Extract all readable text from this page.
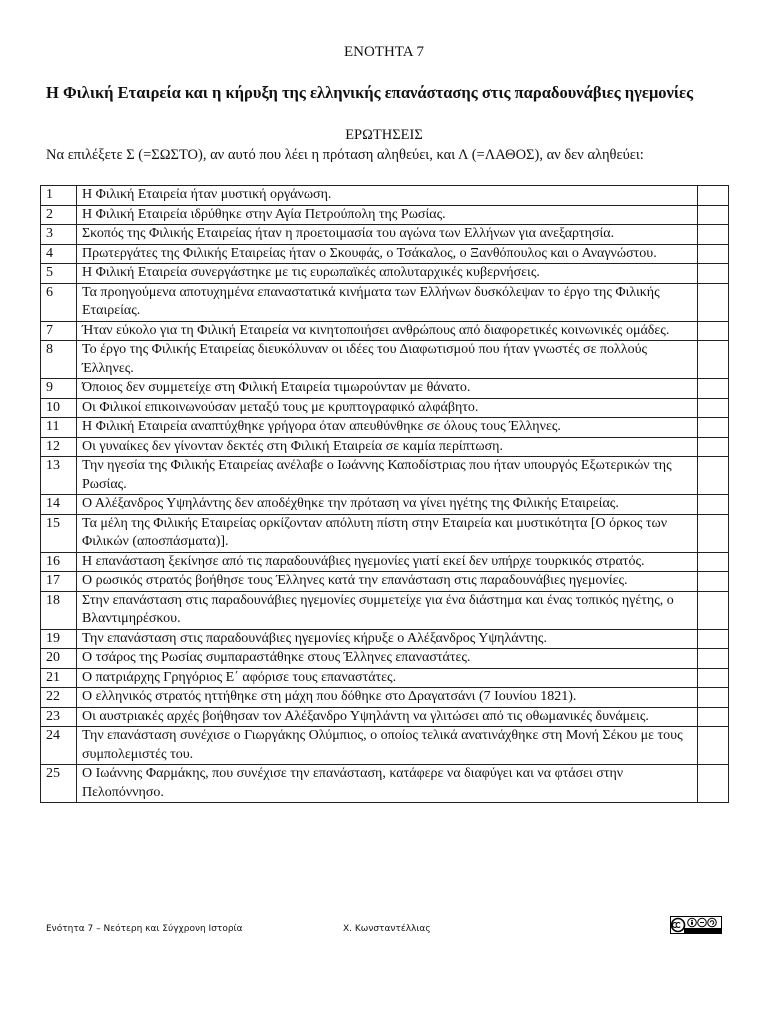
ΕΝΟΤΗΤΑ 7
Η Φιλική Εταιρεία και η κήρυξη της ελληνικής επανάστασης στις παραδουνάβιες ηγεμονίες
ΕΡΩΤΗΣΕΙΣ
Να επιλέξετε Σ (=ΣΩΣΤΟ), αν αυτό που λέει η πρόταση αληθεύει, και Λ (=ΛΑΘΟΣ), αν δεν αληθεύει:
1	Η Φιλική Εταιρεία ήταν μυστική οργάνωση.	
2	Η Φιλική Εταιρεία ιδρύθηκε στην Αγία Πετρούπολη της Ρωσίας.	
3	Σκοπός της Φιλικής Εταιρείας ήταν η προετοιμασία του αγώνα των Ελλήνων για ανεξαρτησία.	
4	Πρωτεργάτες της Φιλικής Εταιρείας ήταν ο Σκουφάς, ο Τσάκαλος, ο Ξανθόπουλος και ο Αναγνώστου.	
5	Η Φιλική Εταιρεία συνεργάστηκε με τις ευρωπαϊκές απολυταρχικές κυβερνήσεις.	
6	Τα προηγούμενα αποτυχημένα επαναστατικά κινήματα των Ελλήνων δυσκόλεψαν το έργο της Φιλικής Εταιρείας.	
7	Ήταν εύκολο για τη Φιλική Εταιρεία να κινητοποιήσει ανθρώπους από διαφορετικές κοινωνικές ομάδες.	
8	Το έργο της Φιλικής Εταιρείας διευκόλυναν οι ιδέες του Διαφωτισμού που ήταν γνωστές σε πολλούς Έλληνες.	
9	Όποιος δεν συμμετείχε στη Φιλική Εταιρεία τιμωρούνταν με θάνατο.	
10	Οι Φιλικοί επικοινωνούσαν μεταξύ τους με κρυπτογραφικό αλφάβητο.	
11	Η Φιλική Εταιρεία αναπτύχθηκε γρήγορα όταν απευθύνθηκε σε όλους τους Έλληνες.	
12	Οι γυναίκες δεν γίνονταν δεκτές στη Φιλική Εταιρεία σε καμία περίπτωση.	
13	Την ηγεσία της Φιλικής Εταιρείας ανέλαβε ο Ιωάννης Καποδίστριας που ήταν υπουργός Εξωτερικών της Ρωσίας.	
14	Ο Αλέξανδρος Υψηλάντης δεν αποδέχθηκε την πρόταση να γίνει ηγέτης της Φιλικής Εταιρείας.	
15	Τα μέλη της Φιλικής Εταιρείας ορκίζονταν απόλυτη πίστη στην Εταιρεία και μυστικότητα [Ο όρκος των Φιλικών (αποσπάσματα)].	
16	Η επανάσταση ξεκίνησε από τις παραδουνάβιες ηγεμονίες γιατί εκεί δεν υπήρχε τουρκικός στρατός.	
17	Ο ρωσικός στρατός βοήθησε τους Έλληνες κατά την επανάσταση στις παραδουνάβιες ηγεμονίες.	
18	Στην επανάσταση στις παραδουνάβιες ηγεμονίες συμμετείχε για ένα διάστημα και ένας τοπικός ηγέτης, ο Βλαντιμηρέσκου.	
19	Την επανάσταση στις παραδουνάβιες ηγεμονίες κήρυξε ο Αλέξανδρος Υψηλάντης.	
20	Ο τσάρος της Ρωσίας συμπαραστάθηκε στους Έλληνες επαναστάτες.	
21	Ο πατριάρχης Γρηγόριος Ε΄ αφόρισε τους επαναστάτες.	
22	Ο ελληνικός στρατός ηττήθηκε στη μάχη που δόθηκε στο Δραγατσάνι (7 Ιουνίου 1821).	
23	Οι αυστριακές αρχές βοήθησαν τον Αλέξανδρο Υψηλάντη να γλιτώσει από τις οθωμανικές δυνάμεις.	
24	Την επανάσταση συνέχισε ο Γιωργάκης Ολύμπιος, ο οποίος τελικά ανατινάχθηκε στη Μονή Σέκου με τους συμπολεμιστές του.	
25	Ο Ιωάννης Φαρμάκης, που συνέχισε την επανάσταση, κατάφερε να διαφύγει και να φτάσει στην Πελοπόννησο.	
Ενότητα 7 – Νεότερη και Σύγχρονη Ιστορία	Χ. Κωνσταντέλλιας
